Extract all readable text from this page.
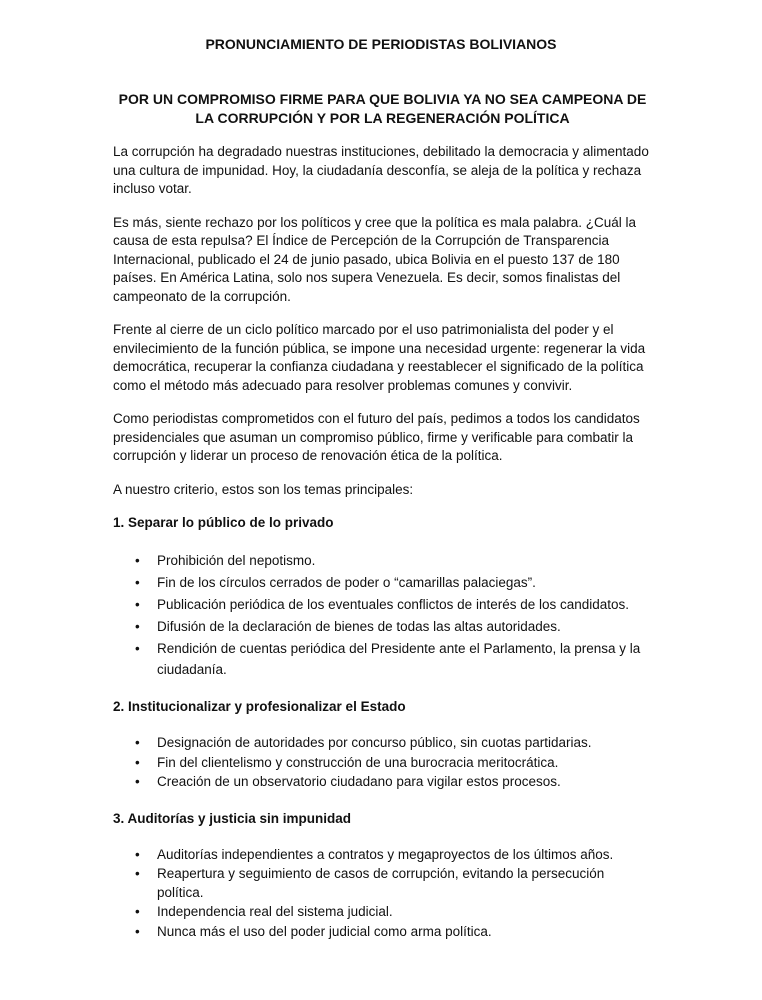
PRONUNCIAMIENTO DE PERIODISTAS BOLIVIANOS
POR UN COMPROMISO FIRME PARA QUE BOLIVIA YA NO SEA CAMPEONA DE LA CORRUPCIÓN Y POR LA REGENERACIÓN POLÍTICA

La corrupción ha degradado nuestras instituciones, debilitado la democracia y alimentado una cultura de impunidad. Hoy, la ciudadanía desconfía, se aleja de la política y rechaza incluso votar.

Es más, siente rechazo por los políticos y cree que la política es mala palabra. ¿Cuál la causa de esta repulsa? El Índice de Percepción de la Corrupción de Transparencia Internacional, publicado el 24 de junio pasado, ubica Bolivia en el puesto 137 de 180 países. En América Latina, solo nos supera Venezuela. Es decir, somos finalistas del campeonato de la corrupción.

Frente al cierre de un ciclo político marcado por el uso patrimonialista del poder y el envilecimiento de la función pública, se impone una necesidad urgente: regenerar la vida democrática, recuperar la confianza ciudadana y reestablecer el significado de la política como el método más adecuado para resolver problemas comunes y convivir.

Como periodistas comprometidos con el futuro del país, pedimos a todos los candidatos presidenciales que asuman un compromiso público, firme y verificable para combatir la corrupción y liderar un proceso de renovación ética de la política.

A nuestro criterio, estos son los temas principales:

1. Separar lo público de lo privado
• Prohibición del nepotismo.
• Fin de los círculos cerrados de poder o “camarillas palaciegas”.
• Publicación periódica de los eventuales conflictos de interés de los candidatos.
• Difusión de la declaración de bienes de todas las altas autoridades.
• Rendición de cuentas periódica del Presidente ante el Parlamento, la prensa y la ciudadanía.
2. Institucionalizar y profesionalizar el Estado
• Designación de autoridades por concurso público, sin cuotas partidarias.
• Fin del clientelismo y construcción de una burocracia meritocrática.
• Creación de un observatorio ciudadano para vigilar estos procesos.
3. Auditorías y justicia sin impunidad
• Auditorías independientes a contratos y megaproyectos de los últimos años.
• Reapertura y seguimiento de casos de corrupción, evitando la persecución política.
• Independencia real del sistema judicial.
• Nunca más el uso del poder judicial como arma política.
